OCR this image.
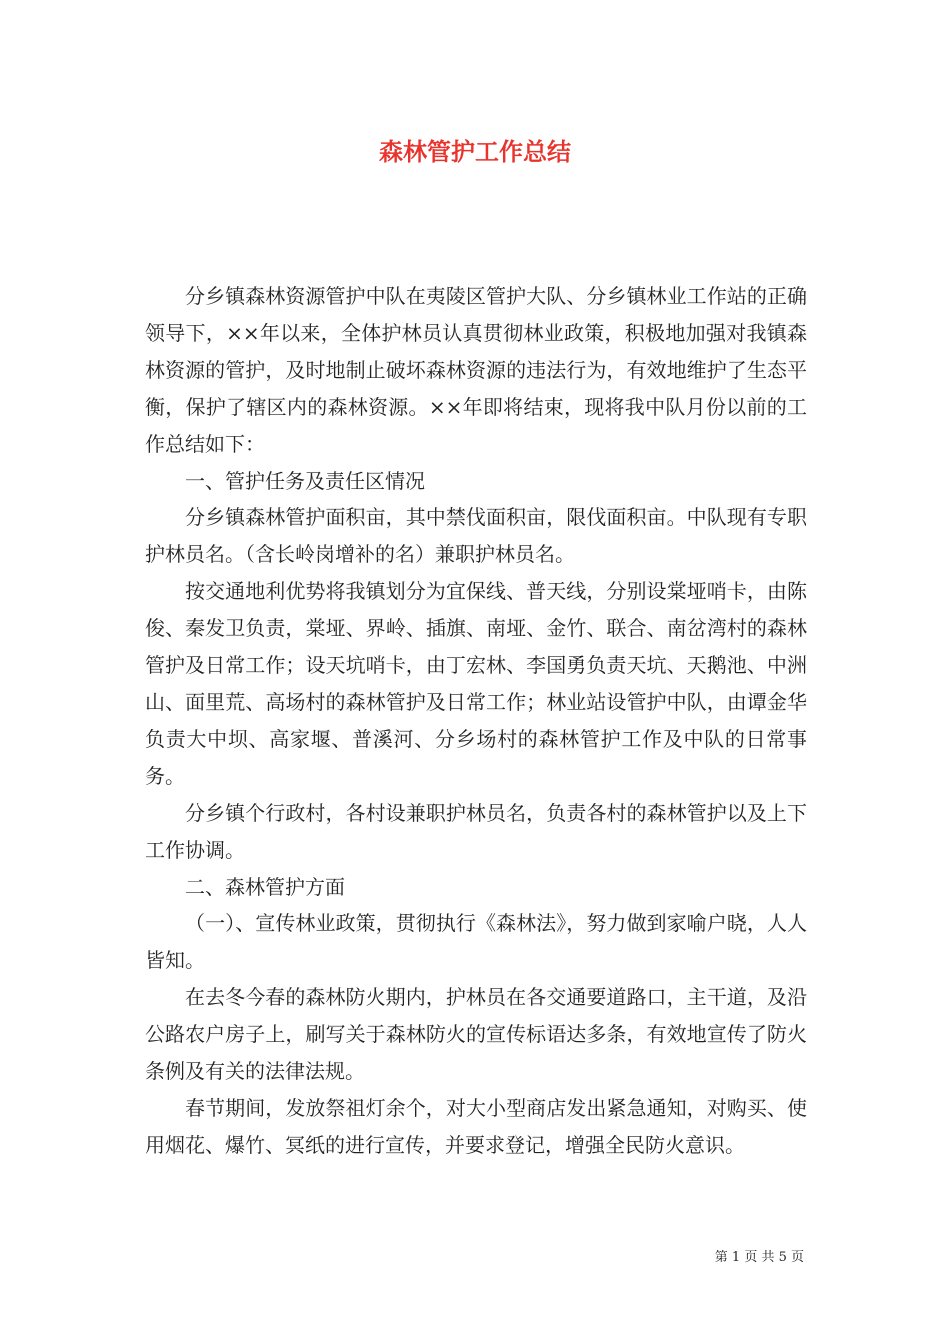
森林管护工作总结

分乡镇森林资源管护中队在夷陵区管护大队、分乡镇林业工作站的正确领导下，××年以来，全体护林员认真贯彻林业政策，积极地加强对我镇森林资源的管护，及时地制止破坏森林资源的违法行为，有效地维护了生态平衡，保护了辖区内的森林资源。××年即将结束，现将我中队月份以前的工作总结如下：

一、管护任务及责任区情况

分乡镇森林管护面积亩，其中禁伐面积亩，限伐面积亩。中队现有专职护林员名。（含长岭岗增补的名）兼职护林员名。

按交通地利优势将我镇划分为宜保线、普天线，分别设棠垭哨卡，由陈俊、秦发卫负责，棠垭、界岭、插旗、南垭、金竹、联合、南岔湾村的森林管护及日常工作；设天坑哨卡，由丁宏林、李国勇负责天坑、天鹅池、中洲山、面里荒、高场村的森林管护及日常工作；林业站设管护中队，由谭金华负责大中坝、高家堰、普溪河、分乡场村的森林管护工作及中队的日常事务。

分乡镇个行政村，各村设兼职护林员名，负责各村的森林管护以及上下工作协调。

二、森林管护方面

（一）、宣传林业政策，贯彻执行《森林法》，努力做到家喻户晓，人人皆知。

在去冬今春的森林防火期内，护林员在各交通要道路口，主干道，及沿公路农户房子上，刷写关于森林防火的宣传标语达多条，有效地宣传了防火条例及有关的法律法规。

春节期间，发放祭祖灯余个，对大小型商店发出紧急通知，对购买、使用烟花、爆竹、冥纸的进行宣传，并要求登记，增强全民防火意识。

第 1 页 共 5 页
